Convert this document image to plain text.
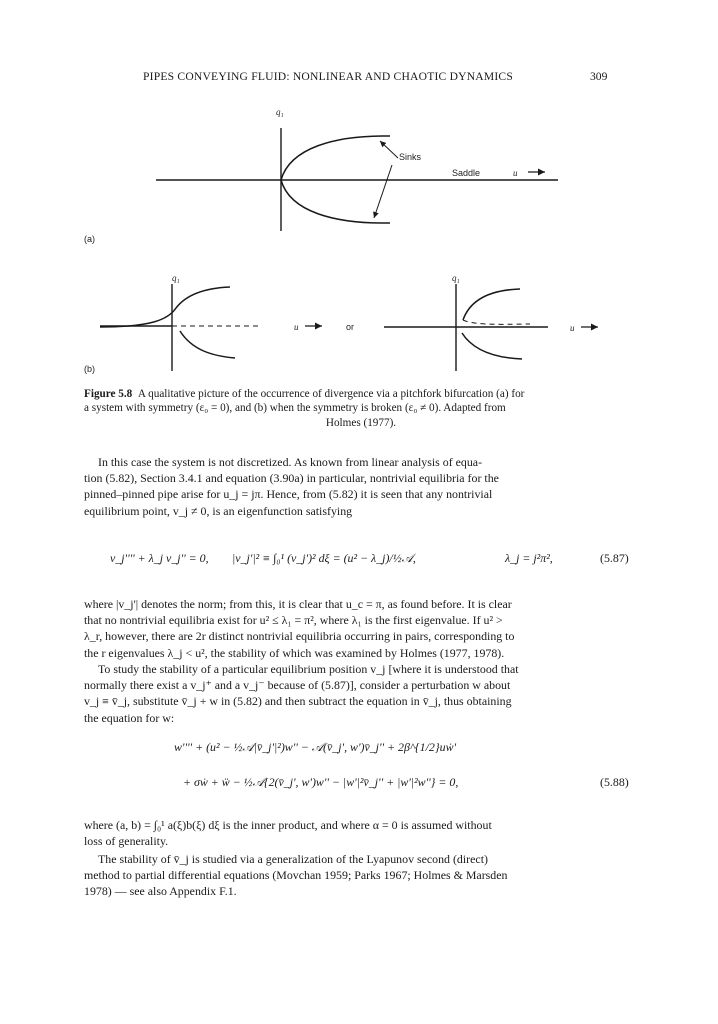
PIPES CONVEYING FLUID: NONLINEAR AND CHAOTIC DYNAMICS	309
q₁
Sinks
Saddle	u
(a)
q₁
u	or
(b)
q₁
u
Figure 5.8 A qualitative picture of the occurrence of divergence via a pitchfork bifurcation (a) for
a system with symmetry (ε₀ = 0), and (b) when the symmetry is broken (ε₀ ≠ 0). Adapted from
Holmes (1977).
In this case the system is not discretized. As known from linear analysis of equa-
tion (5.82), Section 3.4.1 and equation (3.90a) in particular, nontrivial equilibria for the
pinned–pinned pipe arise for u_j = jπ. Hence, from (5.82) it is seen that any nontrivial
equilibrium point, v_j ≠ 0, is an eigenfunction satisfying
v_j'''' + λ_j v_j'' = 0, |v_j'|² ≡ ∫₀¹ (v_j')² dξ = (u² − λ_j)/½𝒜,	λ_j = j²π²,	(5.87)
where |v_j'| denotes the norm; from this, it is clear that u_c = π, as found before. It is clear
that no nontrivial equilibria exist for u² ≤ λ₁ = π², where λ₁ is the first eigenvalue. If u² >
λ_r, however, there are 2r distinct nontrivial equilibria occurring in pairs, corresponding to
the r eigenvalues λ_j < u², the stability of which was examined by Holmes (1977, 1978).
To study the stability of a particular equilibrium position v_j [where it is understood that
normally there exist a v_j⁺ and a v_j⁻ because of (5.87)], consider a perturbation w about
v_j ≡ v̄_j, substitute v̄_j + w in (5.82) and then subtract the equation in v̄_j, thus obtaining
the equation for w:
w'''' + (u² − ½𝒜|v̄_j'|²)w'' − 𝒜(v̄_j', w')v̄_j'' + 2β^{1/2}uẇ'
+ σẇ + ẅ − ½𝒜{2(v̄_j', w')w'' − |w'|²v̄_j'' + |w'|²w''} = 0,	(5.88)
where (a, b) = ∫₀¹ a(ξ)b(ξ) dξ is the inner product, and where α = 0 is assumed without
loss of generality.
The stability of v̄_j is studied via a generalization of the Lyapunov second (direct)
method to partial differential equations (Movchan 1959; Parks 1967; Holmes & Marsden
1978) — see also Appendix F.1.
